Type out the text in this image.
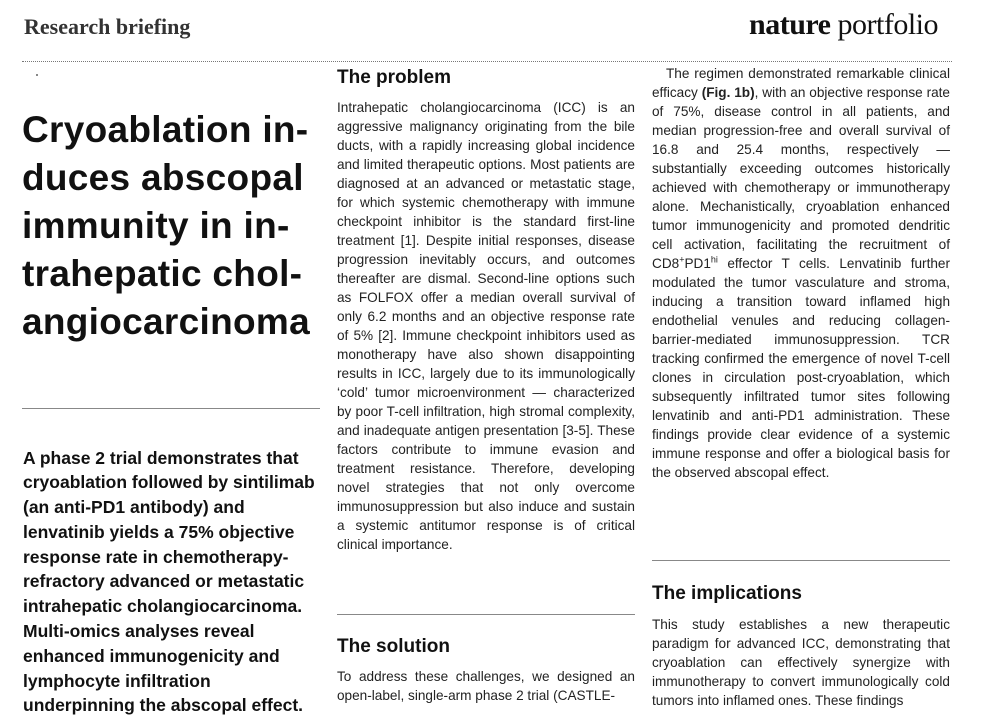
Research briefing	nature portfolio
Cryoablation in-
duces abscopal
immunity in in-
trahepatic chol-
angiocarcinoma

A phase 2 trial demonstrates that cryoablation followed by sintilimab (an anti-PD1 antibody) and lenvatinib yields a 75% objective response rate in chemotherapy-refractory advanced or metastatic intrahepatic cholangiocarcinoma. Multi-omics analyses reveal enhanced immunogenicity and lymphocyte infiltration underpinning the abscopal effect.

The problem

Intrahepatic cholangiocarcinoma (ICC) is an aggressive malignancy originating from the bile ducts, with a rapidly increasing global incidence and limited therapeutic options. Most patients are diagnosed at an advanced or metastatic stage, for which systemic chemotherapy with immune checkpoint inhibitor is the standard first-line treatment [1]. Despite initial responses, disease progression inevitably occurs, and outcomes thereafter are dismal. Second-line options such as FOLFOX offer a median overall survival of only 6.2 months and an objective response rate of 5% [2]. Immune checkpoint inhibitors used as monotherapy have also shown disappointing results in ICC, largely due to its immunologically ‘cold’ tumor microenvironment — characterized by poor T-cell infiltration, high stromal complexity, and inadequate antigen presentation [3-5]. These factors contribute to immune evasion and treatment resistance. Therefore, developing novel strategies that not only overcome immunosuppression but also induce and sustain a systemic antitumor response is of critical clinical importance.

The solution

To address these challenges, we designed an open-label, single-arm phase 2 trial (CASTLE-

The regimen demonstrated remarkable clinical efficacy (Fig. 1b), with an objective response rate of 75%, disease control in all patients, and median progression-free and overall survival of 16.8 and 25.4 months, respectively — substantially exceeding outcomes historically achieved with chemotherapy or immunotherapy alone. Mechanistically, cryoablation enhanced tumor immunogenicity and promoted dendritic cell activation, facilitating the recruitment of $CD8^+PD1^{hi}$ effector T cells. Lenvatinib further modulated the tumor vasculature and stroma, inducing a transition toward inflamed high endothelial venules and reducing collagen-barrier-mediated immunosuppression. TCR tracking confirmed the emergence of novel T-cell clones in circulation post-cryoablation, which subsequently infiltrated tumor sites following lenvatinib and anti-PD1 administration. These findings provide clear evidence of a systemic immune response and offer a biological basis for the observed abscopal effect.

The implications

This study establishes a new therapeutic paradigm for advanced ICC, demonstrating that cryoablation can effectively synergize with immunotherapy to convert immunologically cold tumors into inflamed ones. These findings
